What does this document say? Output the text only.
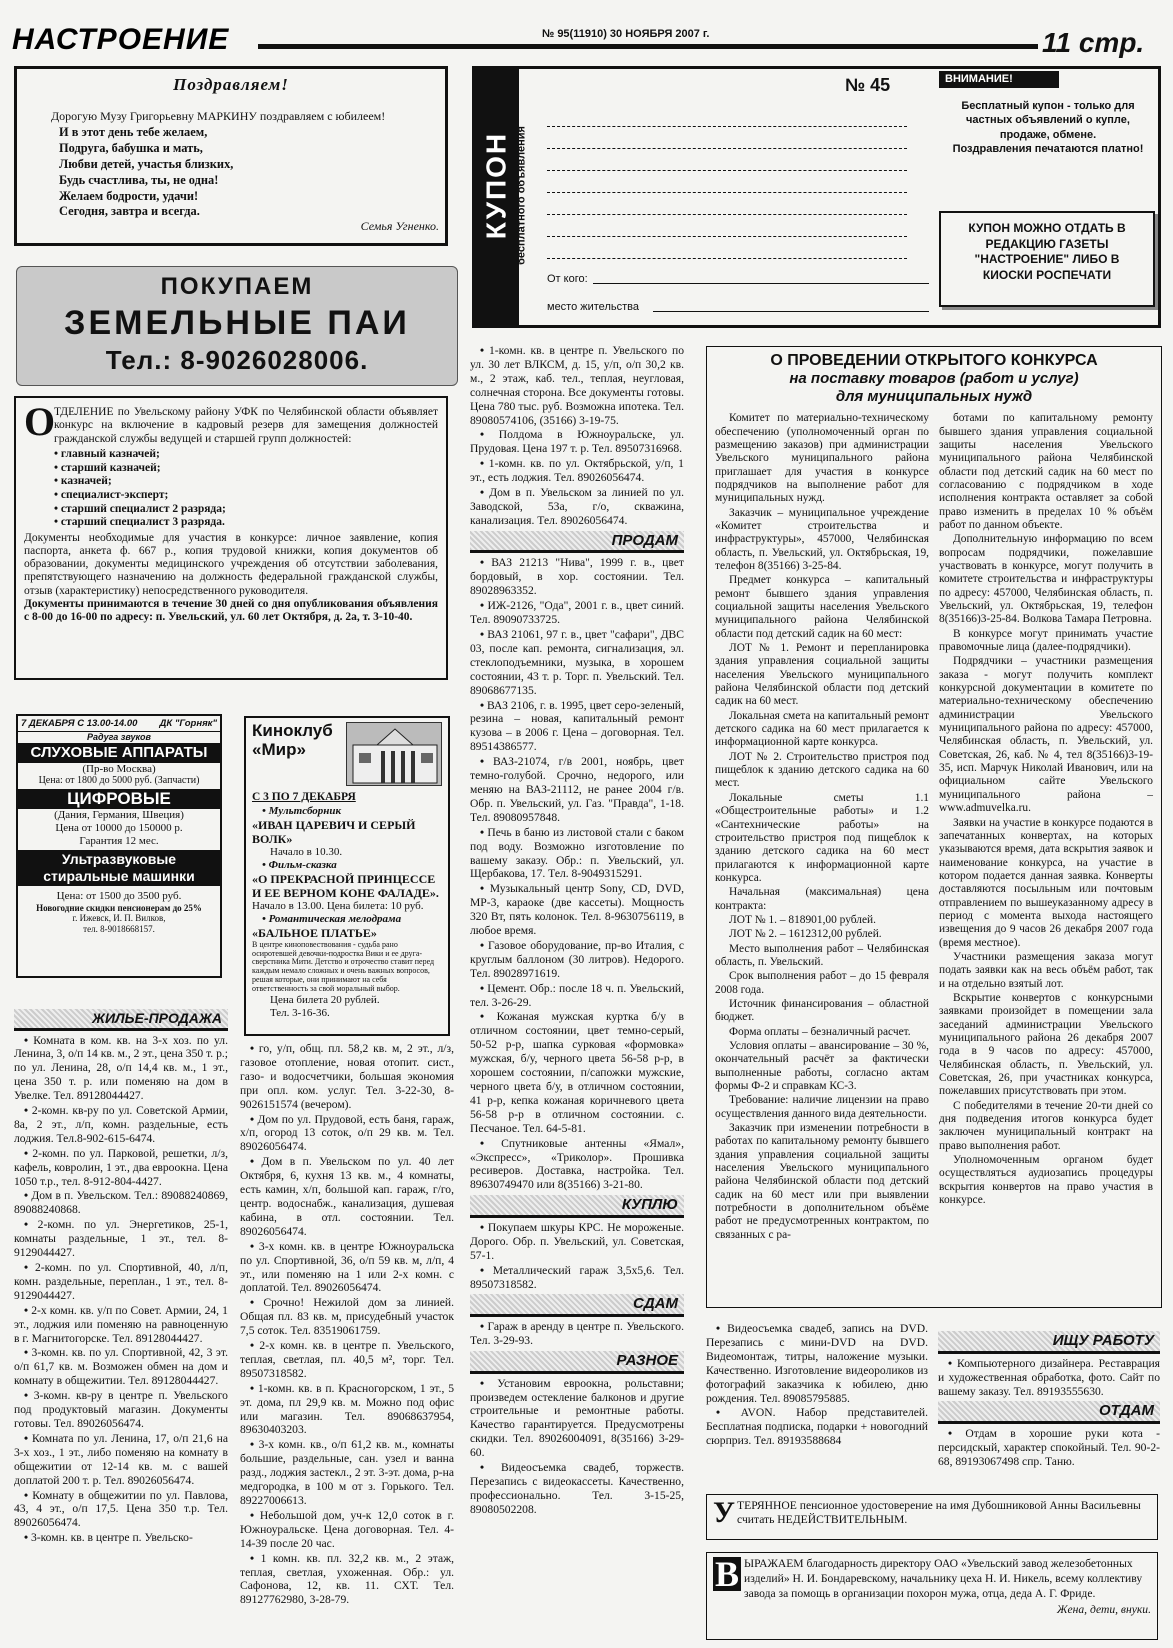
НАСТРОЕНИЕ	№ 95(11910) 30 НОЯБРЯ 2007 г.	11 стр.
Поздравляем!
Дорогую Музу Григорьевну МАРКИНУ поздравляем с юбилеем!
И в этот день тебе желаем,
Подруга, бабушка и мать,
Любви детей, участья близких,
Будь счастлива, ты, не одна!
Желаем бодрости, удачи!
Сегодня, завтра и всегда.
Семья Угненко.
ПОКУПАЕМ
ЗЕМЕЛЬНЫЕ ПАИ
Тел.: 8-9026028006.
О
ТДЕЛЕНИЕ по Увельскому району УФК по Челябинской области объявляет конкурс на включение в кадровый резерв для замещения должностей гражданской службы ведущей и старшей групп должностей:
• главный казначей;
• старший казначей;
• казначей;
• специалист-эксперт;
• старший специалист 2 разряда;
• старший специалист 3 разряда.
Документы необходимые для участия в конкурсе: личное заявление, копия паспорта, анкета ф. 667 р., копия трудовой книжки, копия документов об образовании, документы медицинского учреждения об отсутствии заболевания, препятствующего назначению на должность федеральной гражданской службы, отзыв (характеристику) непосредственного руководителя.
Документы принимаются в течение 30 дней со дня опубликования объявления с 8-00 до 16-00 по адресу: п. Увельский, ул. 60 лет Октября, д. 2а, т. 3-10-40.
7 ДЕКАБРЯ С 13.00-14.00 ДК "Горняк"
Радуга звуков
СЛУХОВЫЕ АППАРАТЫ
(Пр-во Москва)
Цена: от 1800 до 5000 руб. (Запчасти)
ЦИФРОВЫЕ
(Дания, Германия, Швеция)
Цена от 10000 до 150000 р.
Гарантия 12 мес.
Ультразвуковые
стиральные машинки
Цена: от 1500 до 3500 руб.
Новогодние скидки пенсионерам до 25%
г. Ижевск, И. П. Вилков,
тел. 8-9018668157.
Киноклуб
«Мир»
С 3 ПО 7 ДЕКАБРЯ
• Мультсборник
«ИВАН ЦАРЕВИЧ И СЕРЫЙ ВОЛК»
Начало в 10.30.
• Фильм-сказка
«О ПРЕКРАСНОЙ ПРИНЦЕССЕ И ЕЕ ВЕРНОМ КОНЕ ФАЛАДЕ».
Начало в 13.00. Цена билета: 10 руб.
• Романтическая мелодрама
«БАЛЬНОЕ ПЛАТЬЕ»
В центре киноповествования - судьба рано осиротевшей девочки-подростка Вики и ее друга-сверстника Мити. Детство и отрочество ставит перед каждым немало сложных и очень важных вопросов, решая которые, они принимают на себя ответственность за свой моральный выбор.
Цена билета 20 рублей.
Тел. 3-16-36.
ЖИЛЬЕ-ПРОДАЖА
• Комната в ком. кв. на 3-х хоз. по ул. Ленина, 3, о/п 14 кв. м., 2 эт., цена 350 т. р.; по ул. Ленина, 28, о/п 14,4 кв. м., 1 эт., цена 350 т. р. или поменяю на дом в Увелке. Тел. 89128044427.
• 2-комн. кв-ру по ул. Советской Армии, 8а, 2 эт., л/п, комн. раздельные, есть лоджия. Тел.8-902-615-6474.
• 2-комн. по ул. Парковой, решетки, л/з, кафель, ковролин, 1 эт., два евроокна. Цена 1050 т.р., тел. 8-912-804-4427.
• Дом в п. Увельском. Тел.: 89088240869, 89088240868.
• 2-комн. по ул. Энергетиков, 25-1, комнаты раздельные, 1 эт., тел. 8-9129044427.
• 2-комн. по ул. Спортивной, 40, л/п, комн. раздельные, переплан., 1 эт., тел. 8-9129044427.
• 2-х комн. кв. у/п по Совет. Армии, 24, 1 эт., лоджия или поменяю на равноценную в г. Магнитогорске. Тел. 89128044427.
• 3-комн. кв. по ул. Спортивной, 42, 3 эт. о/п 61,7 кв. м. Возможен обмен на дом и комнату в общежитии. Тел. 89128044427.
• 3-комн. кв-ру в центре п. Увельского под продуктовый магазин. Документы готовы. Тел. 89026056474.
• Комната по ул. Ленина, 17, о/п 21,6 на 3-х хоз., 1 эт., либо поменяю на комнату в общежитии от 12-14 кв. м. с вашей доплатой 200 т. р. Тел. 89026056474.
• Комнату в общежитии по ул. Павлова, 43, 4 эт., о/п 17,5. Цена 350 т.р. Тел. 89026056474.
• 3-комн. кв. в центре п. Увельско-
• го, у/п, общ. пл. 58,2 кв. м, 2 эт., л/з, газовое отопление, новая отопит. сист., газо- и водосчетчики, большая экономия при опл. ком. услуг. Тел. 3-22-30, 8-9026151574 (вечером).
• Дом по ул. Прудовой, есть баня, гараж, х/п, огород 13 соток, о/п 29 кв. м. Тел. 89026056474.
• Дом в п. Увельском по ул. 40 лет Октября, 6, кухня 13 кв. м., 4 комнаты, есть камин, х/п, большой кап. гараж, г/го, центр. водоснабж., канализация, душевая кабина, в отл. состоянии. Тел. 89026056474.
• 3-х комн. кв. в центре Южноуральска по ул. Спортивной, 36, о/п 59 кв. м, л/п, 4 эт., или поменяю на 1 или 2-х комн. с доплатой. Тел. 89026056474.
• Срочно! Нежилой дом за линией. Общая пл. 83 кв. м, присудебный участок 7,5 соток. Тел. 83519061759.
• 2-х комн. кв. в центре п. Увельского, теплая, светлая, пл. 40,5 м², торг. Тел. 89507318582.
• 1-комн. кв. в п. Красногорском, 1 эт., 5 эт. дома, пл 29,9 кв. м. Можно под офис или магазин. Тел. 89068637954, 89630403203.
• 3-х комн. кв., о/п 61,2 кв. м., комнаты большие, раздельные, сан. узел и ванна разд., лоджия застекл., 2 эт. 3-эт. дома, р-на медгородка, в 100 м от з. Горького. Тел. 89227006613.
• Небольшой дом, уч-к 12,0 соток в г. Южноуральске. Цена договорная. Тел. 4-14-39 после 20 час.
• 1 комн. кв. пл. 32,2 кв. м., 2 этаж, теплая, светлая, ухоженная. Обр.: ул. Сафонова, 12, кв. 11. СХТ. Тел. 89127762980, 3-28-79.
• 1-комн. кв. в центре п. Увельского по ул. 30 лет ВЛКСМ, д. 15, у/п, о/п 30,2 кв. м., 2 этаж, каб. тел., теплая, неугловая, солнечная сторона. Все документы готовы. Цена 780 тыс. руб. Возможна ипотека. Тел. 89080574106, (35166) 3-19-75.
• Полдома в Южноуральске, ул. Прудовая. Цена 197 т. р. Тел. 89507316968.
• 1-комн. кв. по ул. Октябрьской, у/п, 1 эт., есть лоджия. Тел. 89026056474.
• Дом в п. Увельском за линией по ул. Заводской, 53а, г/о, скважина, канализация. Тел. 89026056474.
ПРОДАМ
• ВАЗ 21213 "Нива", 1999 г. в., цвет бордовый, в хор. состоянии. Тел. 89028963352.
• ИЖ-2126, "Ода", 2001 г. в., цвет синий. Тел. 89090733725.
• ВАЗ 21061, 97 г. в., цвет "сафари", ДВС 03, после кап. ремонта, сигнализация, эл. стеклоподъемники, музыка, в хорошем состоянии, 43 т. р. Торг. п. Увельский. Тел. 89068677135.
• ВАЗ 2106, г. в. 1995, цвет серо-зеленый, резина – новая, капитальный ремонт кузова – в 2006 г. Цена – договорная. Тел. 89514386577.
• ВАЗ-21074, г/в 2001, ноябрь, цвет темно-голубой. Срочно, недорого, или меняю на ВАЗ-21112, не ранее 2004 г/в. Обр. п. Увельский, ул. Газ. "Правда", 1-18. Тел. 89080957848.
• Печь в баню из листовой стали с баком под воду. Возможно изготовление по вашему заказу. Обр.: п. Увельский, ул. Щербакова, 17. Тел. 8-9049315291.
• Музыкальный центр Sony, CD, DVD, MP-3, караоке (две кассеты). Мощность 320 Вт, пять колонок. Тел. 8-9630756119, в любое время.
• Газовое оборудование, пр-во Италия, с круглым баллоном (30 литров). Недорого. Тел. 89028971619.
• Цемент. Обр.: после 18 ч. п. Увельский, тел. 3-26-29.
• Кожаная мужская куртка б/у в отличном состоянии, цвет темно-серый, 50-52 р-р, шапка сурковая «формовка» мужская, б/у, черного цвета 56-58 р-р, в хорошем состоянии, п/сапожки мужские, черного цвета б/у, в отличном состоянии, 41 р-р, кепка кожаная коричневого цвета 56-58 р-р в отличном состоянии. с. Песчаное. Тел. 64-5-81.
• Спутниковые антенны «Ямал», «Экспресс», «Триколор». Прошивка ресиверов. Доставка, настройка. Тел. 89630749470 или 8(35166) 3-21-80.
КУПЛЮ
• Покупаем шкуры КРС. Не мороженые. Дорого. Обр. п. Увельский, ул. Советская, 57-1.
• Металлический гараж 3,5х5,6. Тел. 89507318582.
СДАМ
• Гараж в аренду в центре п. Увельского. Тел. 3-29-93.
РАЗНОЕ
• Установим евроокна, рольставни; произведем остекление балконов и другие строительные и ремонтные работы. Качество гарантируется. Предусмотрены скидки. Тел. 89026004091, 8(35166) 3-29-60.
• Видеосъемка свадеб, торжеств. Перезапись с видеокассеты. Качественно, профессионально. Тел. 3-15-25, 89080502208.
КУПОН бесплатного объявления
№ 45
От кого:
место жительства
ВНИМАНИЕ!
Бесплатный купон - только для частных объявлений о купле, продаже, обмене.
Поздравления печатаются платно!
КУПОН МОЖНО ОТДАТЬ В РЕДАКЦИЮ ГАЗЕТЫ "НАСТРОЕНИЕ" ЛИБО В КИОСКИ РОСПЕЧАТИ
О ПРОВЕДЕНИИ ОТКРЫТОГО КОНКУРСА
на поставку товаров (работ и услуг)
для муниципальных нужд
Комитет по материально-техническому обеспечению (уполномоченный орган по размещению заказов) при администрации Увельского муниципального района приглашает для участия в конкурсе подрядчиков на выполнение работ для муниципальных нужд.
Заказчик – муниципальное учреждение «Комитет строительства и инфраструктуры», 457000, Челябинская область, п. Увельский, ул. Октябрьская, 19, телефон 8(35166) 3-25-84.
Предмет конкурса – капитальный ремонт бывшего здания управления социальной защиты населения Увельского муниципального района Челябинской области под детский садик на 60 мест:
ЛОТ № 1. Ремонт и перепланировка здания управления социальной защиты населения Увельского муниципального района Челябинской области под детский садик на 60 мест.
Локальная смета на капитальный ремонт детского садика на 60 мест прилагается к информационной карте конкурса.
ЛОТ № 2. Строительство пристроя под пищеблок к зданию детского садика на 60 мест.
Локальные сметы 1.1 «Общестроительные работы» и 1.2 «Сантехнические работы» на строительство пристроя под пищеблок к зданию детского садика на 60 мест прилагаются к информационной карте конкурса.
Начальная (максимальная) цена контракта:
ЛОТ № 1. – 818901,00 рублей.
ЛОТ № 2. – 1612312,00 рублей.
Место выполнения работ – Челябинская область, п. Увельский.
Срок выполнения работ – до 15 февраля 2008 года.
Источник финансирования – областной бюджет.
Форма оплаты – безналичный расчет.
Условия оплаты – авансирование – 30 %, окончательный расчёт за фактически выполненные работы, согласно актам формы Ф-2 и справкам КС-3.
Требование: наличие лицензии на право осуществления данного вида деятельности.
Заказчик при изменении потребности в работах по капитальному ремонту бывшего здания управления социальной защиты населения Увельского муниципального района Челябинской области под детский садик на 60 мест или при выявлении потребности в дополнительном объёме работ не предусмотренных контрактом, по связанных с ра-
ботами по капитальному ремонту бывшего здания управления социальной защиты населения Увельского муниципального района Челябинской области под детский садик на 60 мест по согласованию с подрядчиком в ходе исполнения контракта оставляет за собой право изменить в пределах 10 % объём работ по данном объекте.
Дополнительную информацию по всем вопросам подрядчики, пожелавшие участвовать в конкурсе, могут получить в комитете строительства и инфраструктуры по адресу: 457000, Челябинская область, п. Увельский, ул. Октябрьская, 19, телефон 8(35166)3-25-84. Волкова Тамара Петровна.
В конкурсе могут принимать участие правомочные лица (далее-подрядчики).
Подрядчики – участники размещения заказа - могут получить комплект конкурсной документации в комитете по материально-техническому обеспечению администрации Увельского муниципального района по адресу: 457000, Челябинская область, п. Увельский, ул. Советская, 26, каб. № 4, тел 8(35166)3-19-35, исп. Марчук Николай Иванович, или на официальном сайте Увельского муниципального района – www.admuvelka.ru.
Заявки на участие в конкурсе подаются в запечатанных конвертах, на которых указываются время, дата вскрытия заявок и наименование конкурса, на участие в котором подается данная заявка. Конверты доставляются посыльным или почтовым отправлением по вышеуказанному адресу в период с момента выхода настоящего извещения до 9 часов 26 декабря 2007 года (время местное).
Участники размещения заказа могут подать заявки как на весь объём работ, так и на отдельно взятый лот.
Вскрытие конвертов с конкурсными заявками произойдет в помещении зала заседаний администрации Увельского муниципального района 26 декабря 2007 года в 9 часов по адресу: 457000, Челябинская область, п. Увельский, ул. Советская, 26, при участниках конкурса, пожелавших присутствовать при этом.
С победителями в течение 20-ти дней со дня подведения итогов конкурса будет заключен муниципальный контракт на право выполнения работ.
Уполномоченным органом будет осуществляться аудиозапись процедуры вскрытия конвертов на право участия в конкурсе.
• Видеосъемка свадеб, запись на DVD. Перезапись с мини-DVD на DVD. Видеомонтаж, титры, наложение музыки. Качественно. Изготовление видеороликов из фотографий заказчика к юбилею, дню рождения. Тел. 89085795885.
• AVON. Набор представителей. Бесплатная подписка, подарки + новогодний сюрприз. Тел. 89193588684
ИЩУ РАБОТУ
• Компьютерного дизайнера. Реставрация и художественная обработка, фото. Сайт по вашему заказу. Тел. 89193555630.
ОТДАМ
• Отдам в хорошие руки кота - персидскый, характер спокойный. Тел. 90-2-68, 89193067498 спр. Таню.
У ТЕРЯННОЕ пенсионное удостоверение на имя Дубошниковой Анны Васильевны считать НЕДЕЙСТВИТЕЛЬНЫМ.
В ЫРАЖАЕМ благодарность директору ОАО «Увельский завод железобетонных изделий» Н. И. Бондаревскому, начальнику цеха Н. И. Никель, всему коллективу завода за помощь в организации похорон мужа, отца, деда А. Г. Фриде.
Жена, дети, внуки.
